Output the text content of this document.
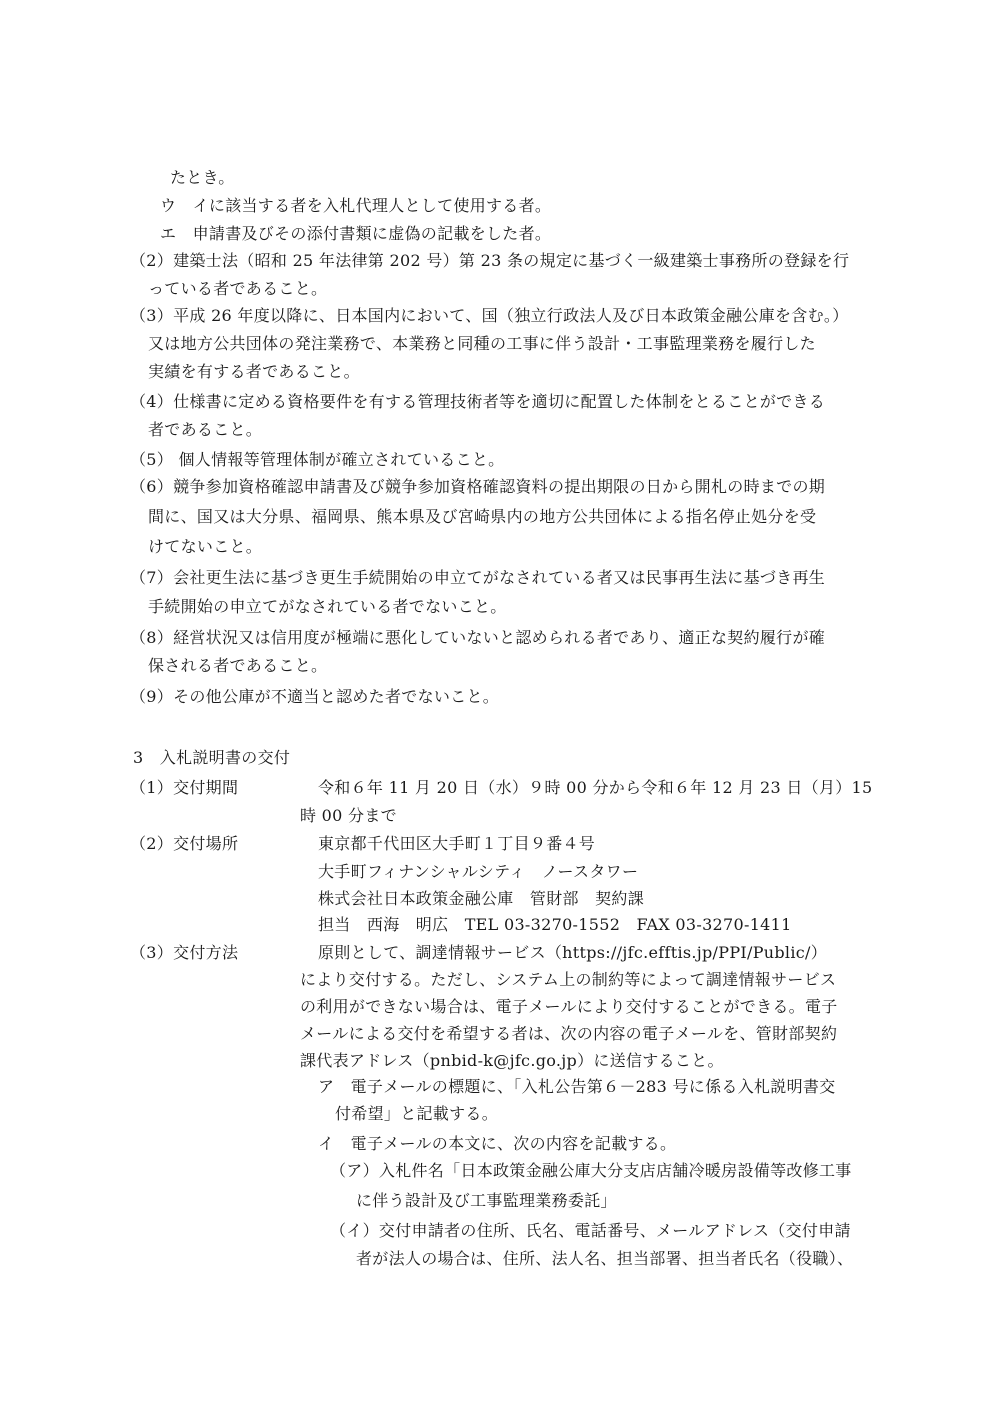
たとき。
ウ　イに該当する者を入札代理人として使用する者。
エ　申請書及びその添付書類に虚偽の記載をした者。
（2）建築士法（昭和 25 年法律第 202 号）第 23 条の規定に基づく一級建築士事務所の登録を行
っている者であること。
（3）平成 26 年度以降に、日本国内において、国（独立行政法人及び日本政策金融公庫を含む。）
又は地方公共団体の発注業務で、本業務と同種の工事に伴う設計・工事監理業務を履行した
実績を有する者であること。
（4）仕様書に定める資格要件を有する管理技術者等を適切に配置した体制をとることができる
者であること。
（5） 個人情報等管理体制が確立されていること。
（6）競争参加資格確認申請書及び競争参加資格確認資料の提出期限の日から開札の時までの期
間に、国又は大分県、福岡県、熊本県及び宮崎県内の地方公共団体による指名停止処分を受
けてないこと。
（7）会社更生法に基づき更生手続開始の申立てがなされている者又は民事再生法に基づき再生
手続開始の申立てがなされている者でないこと。
（8）経営状況又は信用度が極端に悪化していないと認められる者であり、適正な契約履行が確
保される者であること。
（9）その他公庫が不適当と認めた者でないこと。
3　入札説明書の交付
（1）交付期間	令和６年 11 月 20 日（水）９時 00 分から令和６年 12 月 23 日（月）15
時 00 分まで
（2）交付場所	東京都千代田区大手町１丁目９番４号
大手町フィナンシャルシティ　ノースタワー
株式会社日本政策金融公庫　管財部　契約課
担当　西海　明広　TEL 03-3270-1552　FAX 03-3270-1411
（3）交付方法	原則として、調達情報サービス（https://jfc.efftis.jp/PPI/Public/）
により交付する。ただし、システム上の制約等によって調達情報サービス
の利用ができない場合は、電子メールにより交付することができる。電子
メールによる交付を希望する者は、次の内容の電子メールを、管財部契約
課代表アドレス（pnbid-k@jfc.go.jp）に送信すること。
ア　電子メールの標題に、「入札公告第６－283 号に係る入札説明書交
付希望」と記載する。
イ　電子メールの本文に、次の内容を記載する。
（ア）入札件名「日本政策金融公庫大分支店店舗冷暖房設備等改修工事
に伴う設計及び工事監理業務委託」
（イ）交付申請者の住所、氏名、電話番号、メールアドレス（交付申請
者が法人の場合は、住所、法人名、担当部署、担当者氏名（役職）、
